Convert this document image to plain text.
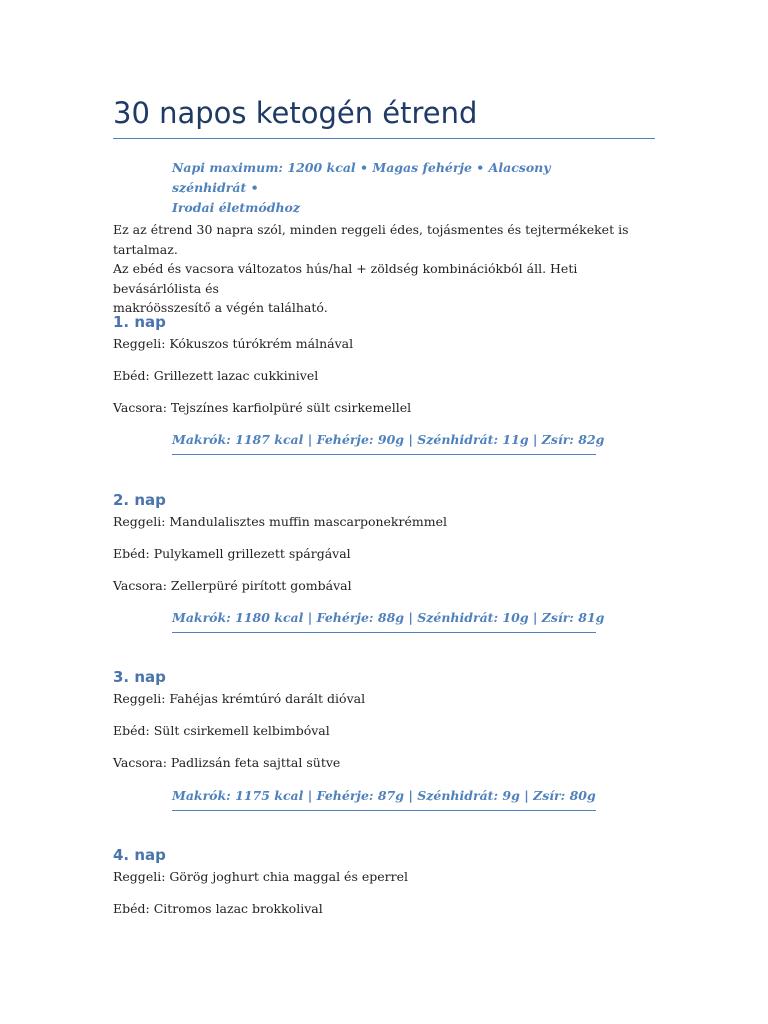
30 napos ketogén étrend
Napi maximum: 1200 kcal • Magas fehérje • Alacsony szénhidrát •
Irodai életmódhoz
Ez az étrend 30 napra szól, minden reggeli édes, tojásmentes és tejtermékeket is tartalmaz.
Az ebéd és vacsora változatos hús/hal + zöldség kombinációkból áll. Heti bevásárlólista és
makróösszesítő a végén található.
1. nap
Reggeli: Kókuszos túrókrém málnával
Ebéd: Grillezett lazac cukkinivel
Vacsora: Tejszínes karfiolpüré sült csirkemellel
Makrók: 1187 kcal | Fehérje: 90g | Szénhidrát: 11g | Zsír: 82g
2. nap
Reggeli: Mandulalisztes muffin mascarponekrémmel
Ebéd: Pulykamell grillezett spárgával
Vacsora: Zellerpüré pirított gombával
Makrók: 1180 kcal | Fehérje: 88g | Szénhidrát: 10g | Zsír: 81g
3. nap
Reggeli: Fahéjas krémtúró darált dióval
Ebéd: Sült csirkemell kelbimbóval
Vacsora: Padlizsán feta sajttal sütve
Makrók: 1175 kcal | Fehérje: 87g | Szénhidrát: 9g | Zsír: 80g
4. nap
Reggeli: Görög joghurt chia maggal és eperrel
Ebéd: Citromos lazac brokkolival
